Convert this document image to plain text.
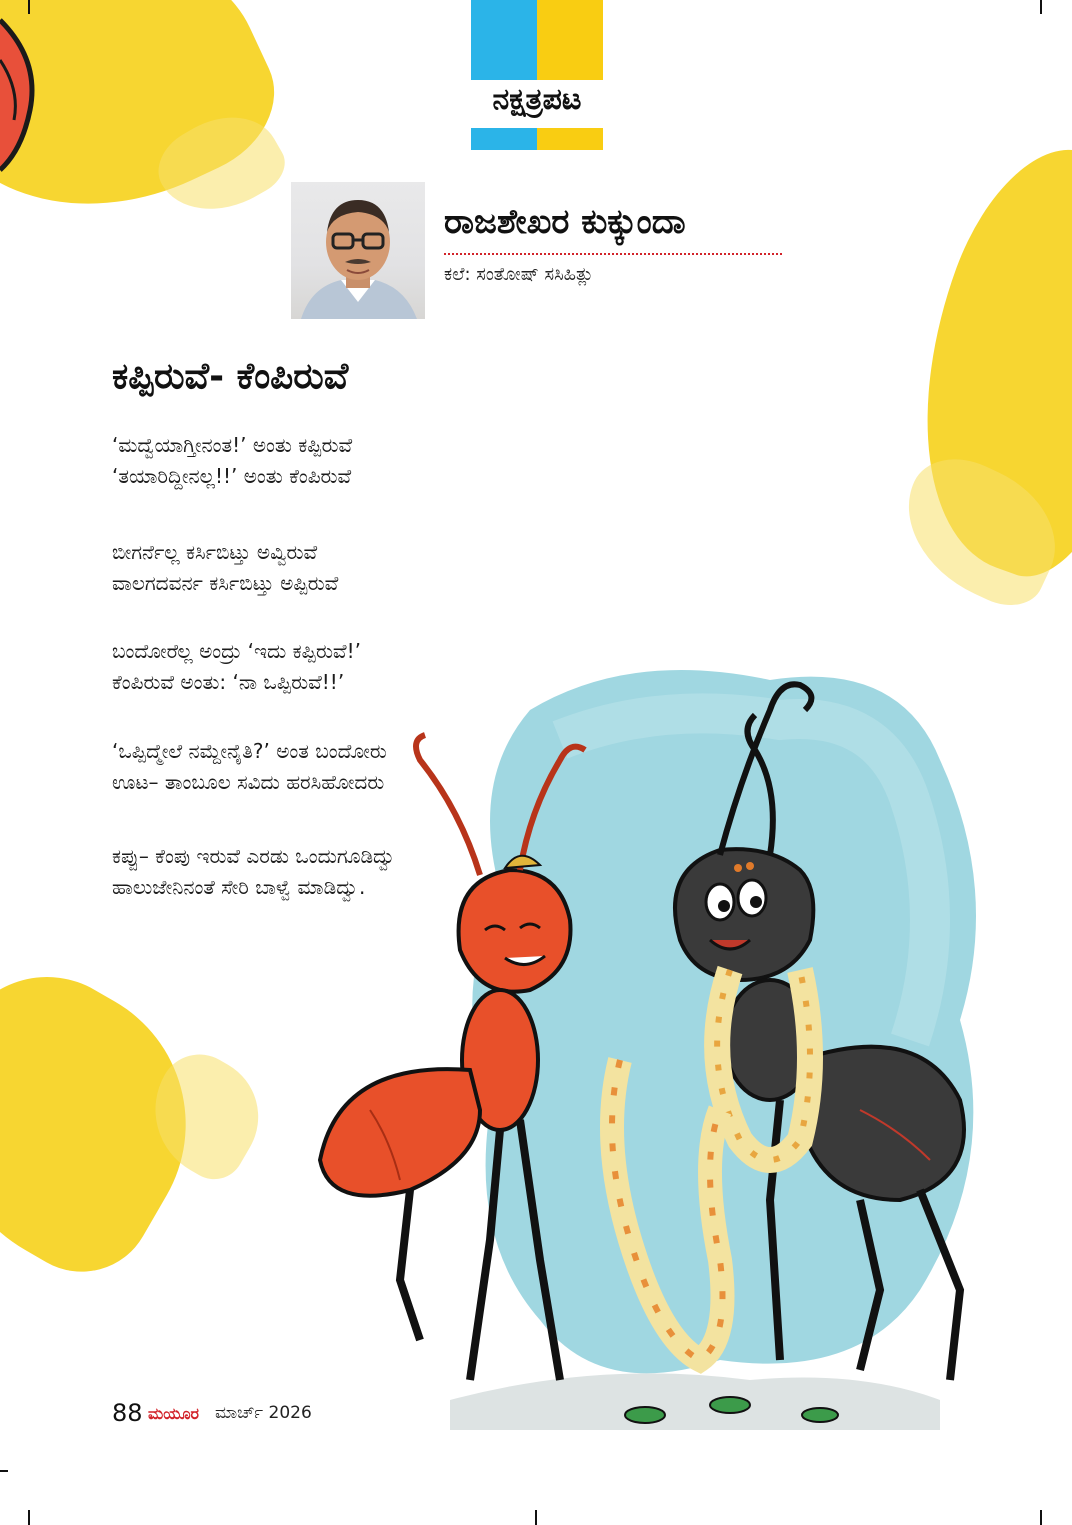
ನಕ್ಷತ್ರಪಟ
ರಾಜಶೇಖರ ಕುಕ್ಕುಂದಾ
ಕಲೆ: ಸಂತೋಷ್‌ ಸಸಿಹಿತ್ಲು
ಕಪ್ಪಿರುವೆ- ಕೆಂಪಿರುವೆ
‘ಮದ್ವೆಯಾಗ್ತೀನಂತ!’ ಅಂತು ಕಪ್ಪಿರುವೆ
‘ತಯಾರಿದ್ದೀನಲ್ಲ!!’ ಅಂತು ಕೆಂಪಿರುವೆ
ಬೀಗರ್ನೆಲ್ಲ ಕರ್ಸಿಬಿಟ್ತು ಅವ್ವಿರುವೆ
ವಾಲಗದವರ್ನ ಕರ್ಸಿಬಿಟ್ತು ಅಪ್ಪಿರುವೆ
ಬಂದೋರೆಲ್ಲ ಅಂದ್ರು ‘ಇದು ಕಪ್ಪಿರುವೆ!’
ಕೆಂಪಿರುವೆ ಅಂತು: ‘ನಾ ಒಪ್ಪಿರುವೆ!!’
‘ಒಪ್ಪಿದ್ಮೇಲೆ ನಮ್ದೇನೈತಿ?’ ಅಂತ ಬಂದೋರು
ಊಟ– ತಾಂಬೂಲ ಸವಿದು ಹರಸಿಹೋದರು
ಕಪ್ಪು– ಕೆಂಪು ಇರುವೆ ಎರಡು ಒಂದುಗೂಡಿದ್ವು
ಹಾಲುಜೇನಿನಂತೆ ಸೇರಿ ಬಾಳ್ವೆ ಮಾಡಿದ್ವು.
88 ಮಯೂರ ಮಾರ್ಚ್ 2026
